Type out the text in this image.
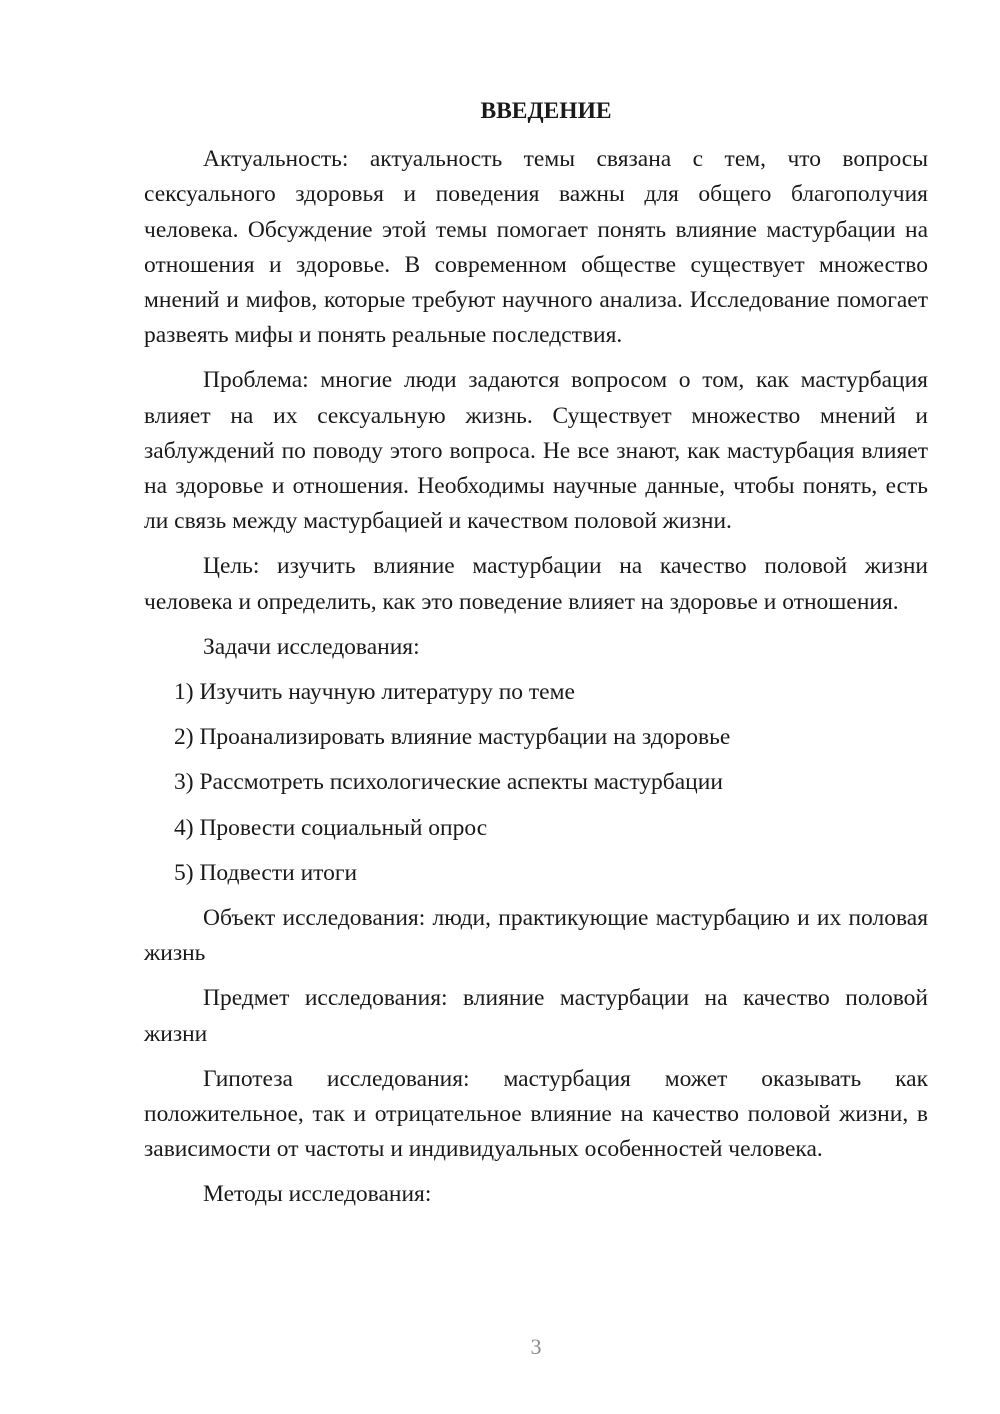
ВВЕДЕНИЕ

Актуальность: актуальность темы связана с тем, что вопросы сексуального здоровья и поведения важны для общего благополучия человека. Обсуждение этой темы помогает понять влияние мастурбации на отношения и здоровье. В современном обществе существует множество мнений и мифов, которые требуют научного анализа. Исследование помогает развеять мифы и понять реальные последствия.

Проблема: многие люди задаются вопросом о том, как мастурбация влияет на их сексуальную жизнь. Существует множество мнений и заблуждений по поводу этого вопроса. Не все знают, как мастурбация влияет на здоровье и отношения. Необходимы научные данные, чтобы понять, есть ли связь между мастурбацией и качеством половой жизни.

Цель: изучить влияние мастурбации на качество половой жизни человека и определить, как это поведение влияет на здоровье и отношения.

Задачи исследования:

1) Изучить научную литературу по теме
2) Проанализировать влияние мастурбации на здоровье
3) Рассмотреть психологические аспекты мастурбации
4) Провести социальный опрос
5) Подвести итоги

Объект исследования: люди, практикующие мастурбацию и их половая жизнь

Предмет исследования: влияние мастурбации на качество половой жизни

Гипотеза исследования: мастурбация может оказывать как положительное, так и отрицательное влияние на качество половой жизни, в зависимости от частоты и индивидуальных особенностей человека.

Методы исследования:

3
